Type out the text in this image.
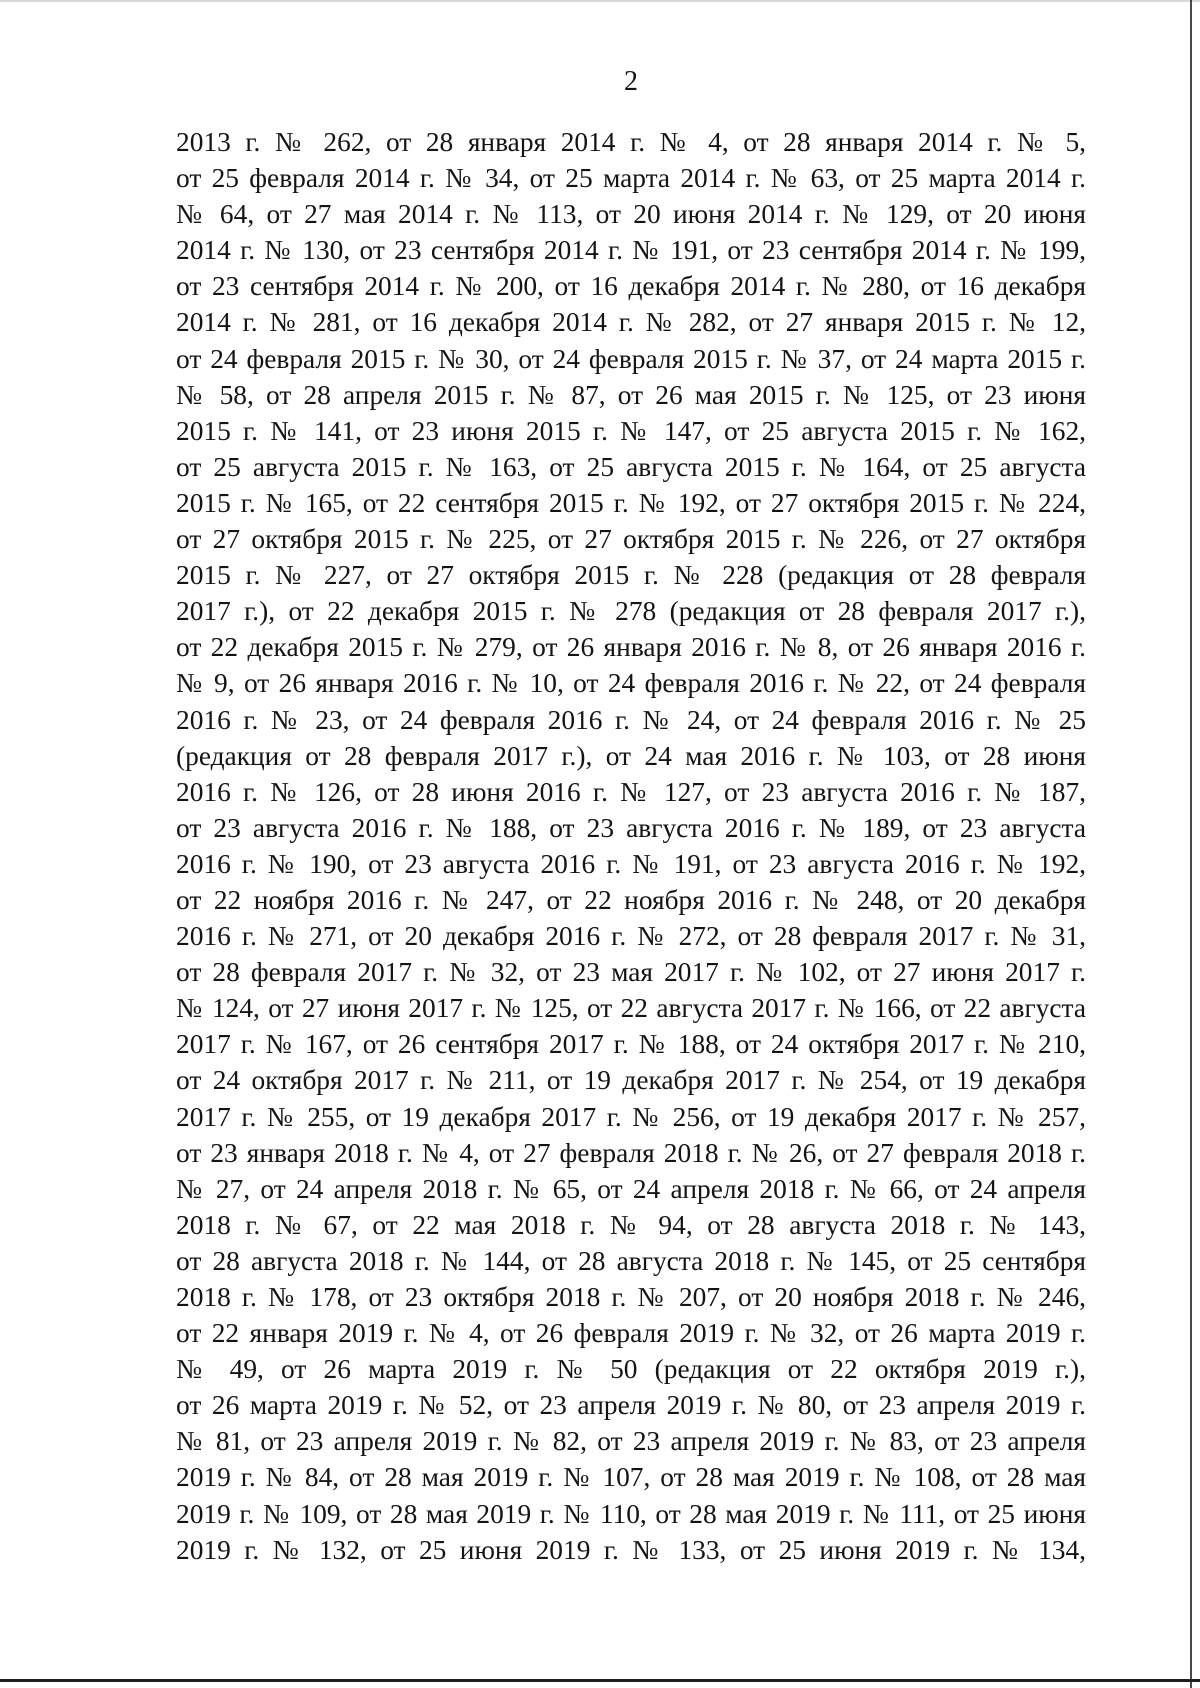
2
2013 г. № 262, от 28 января 2014 г. № 4, от 28 января 2014 г. № 5,
от 25 февраля 2014 г. № 34, от 25 марта 2014 г. № 63, от 25 марта 2014 г.
№ 64, от 27 мая 2014 г. № 113, от 20 июня 2014 г. № 129, от 20 июня
2014 г. № 130, от 23 сентября 2014 г. № 191, от 23 сентября 2014 г. № 199,
от 23 сентября 2014 г. № 200, от 16 декабря 2014 г. № 280, от 16 декабря
2014 г. № 281, от 16 декабря 2014 г. № 282, от 27 января 2015 г. № 12,
от 24 февраля 2015 г. № 30, от 24 февраля 2015 г. № 37, от 24 марта 2015 г.
№ 58, от 28 апреля 2015 г. № 87, от 26 мая 2015 г. № 125, от 23 июня
2015 г. № 141, от 23 июня 2015 г. № 147, от 25 августа 2015 г. № 162,
от 25 августа 2015 г. № 163, от 25 августа 2015 г. № 164, от 25 августа
2015 г. № 165, от 22 сентября 2015 г. № 192, от 27 октября 2015 г. № 224,
от 27 октября 2015 г. № 225, от 27 октября 2015 г. № 226, от 27 октября
2015 г. № 227, от 27 октября 2015 г. № 228 (редакция от 28 февраля
2017 г.), от 22 декабря 2015 г. № 278 (редакция от 28 февраля 2017 г.),
от 22 декабря 2015 г. № 279, от 26 января 2016 г. № 8, от 26 января 2016 г.
№ 9, от 26 января 2016 г. № 10, от 24 февраля 2016 г. № 22, от 24 февраля
2016 г. № 23, от 24 февраля 2016 г. № 24, от 24 февраля 2016 г. № 25
(редакция от 28 февраля 2017 г.), от 24 мая 2016 г. № 103, от 28 июня
2016 г. № 126, от 28 июня 2016 г. № 127, от 23 августа 2016 г. № 187,
от 23 августа 2016 г. № 188, от 23 августа 2016 г. № 189, от 23 августа
2016 г. № 190, от 23 августа 2016 г. № 191, от 23 августа 2016 г. № 192,
от 22 ноября 2016 г. № 247, от 22 ноября 2016 г. № 248, от 20 декабря
2016 г. № 271, от 20 декабря 2016 г. № 272, от 28 февраля 2017 г. № 31,
от 28 февраля 2017 г. № 32, от 23 мая 2017 г. № 102, от 27 июня 2017 г.
№ 124, от 27 июня 2017 г. № 125, от 22 августа 2017 г. № 166, от 22 августа
2017 г. № 167, от 26 сентября 2017 г. № 188, от 24 октября 2017 г. № 210,
от 24 октября 2017 г. № 211, от 19 декабря 2017 г. № 254, от 19 декабря
2017 г. № 255, от 19 декабря 2017 г. № 256, от 19 декабря 2017 г. № 257,
от 23 января 2018 г. № 4, от 27 февраля 2018 г. № 26, от 27 февраля 2018 г.
№ 27, от 24 апреля 2018 г. № 65, от 24 апреля 2018 г. № 66, от 24 апреля
2018 г. № 67, от 22 мая 2018 г. № 94, от 28 августа 2018 г. № 143,
от 28 августа 2018 г. № 144, от 28 августа 2018 г. № 145, от 25 сентября
2018 г. № 178, от 23 октября 2018 г. № 207, от 20 ноября 2018 г. № 246,
от 22 января 2019 г. № 4, от 26 февраля 2019 г. № 32, от 26 марта 2019 г.
№ 49, от 26 марта 2019 г. № 50 (редакция от 22 октября 2019 г.),
от 26 марта 2019 г. № 52, от 23 апреля 2019 г. № 80, от 23 апреля 2019 г.
№ 81, от 23 апреля 2019 г. № 82, от 23 апреля 2019 г. № 83, от 23 апреля
2019 г. № 84, от 28 мая 2019 г. № 107, от 28 мая 2019 г. № 108, от 28 мая
2019 г. № 109, от 28 мая 2019 г. № 110, от 28 мая 2019 г. № 111, от 25 июня
2019 г. № 132, от 25 июня 2019 г. № 133, от 25 июня 2019 г. № 134,
